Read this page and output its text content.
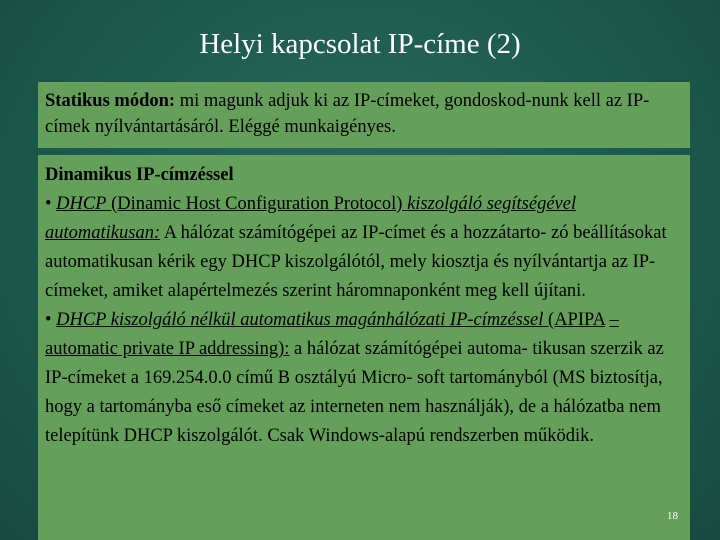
Helyi kapcsolat IP-címe (2)

Statikus módon: mi magunk adjuk ki az IP-címeket, gondoskod-nunk kell az IP-címek nyílvántartásáról. Eléggé munkaigényes.

Dinamikus IP-címzéssel

• DHCP (Dinamic Host Configuration Protocol) kiszolgáló segítségével automatikusan: A hálózat számítógépei az IP-címet és a hozzátarto- zó beállításokat automatikusan kérik egy DHCP kiszolgálótól, mely kiosztja és nyílvántartja az IP-címeket, amiket alapértelmezés szerint háromnaponként meg kell újítani.

• DHCP kiszolgáló nélkül automatikus magánhálózati IP-címzéssel (APIPA – automatic private IP addressing): a hálózat számítógépei automa- tikusan szerzik az IP-címeket a 169.254.0.0 című B osztályú Micro- soft tartományból (MS biztosítja, hogy a tartományba eső címeket az interneten nem használják), de a hálózatba nem telepítünk DHCP kiszolgálót. Csak Windows-alapú rendszerben működik.

18
